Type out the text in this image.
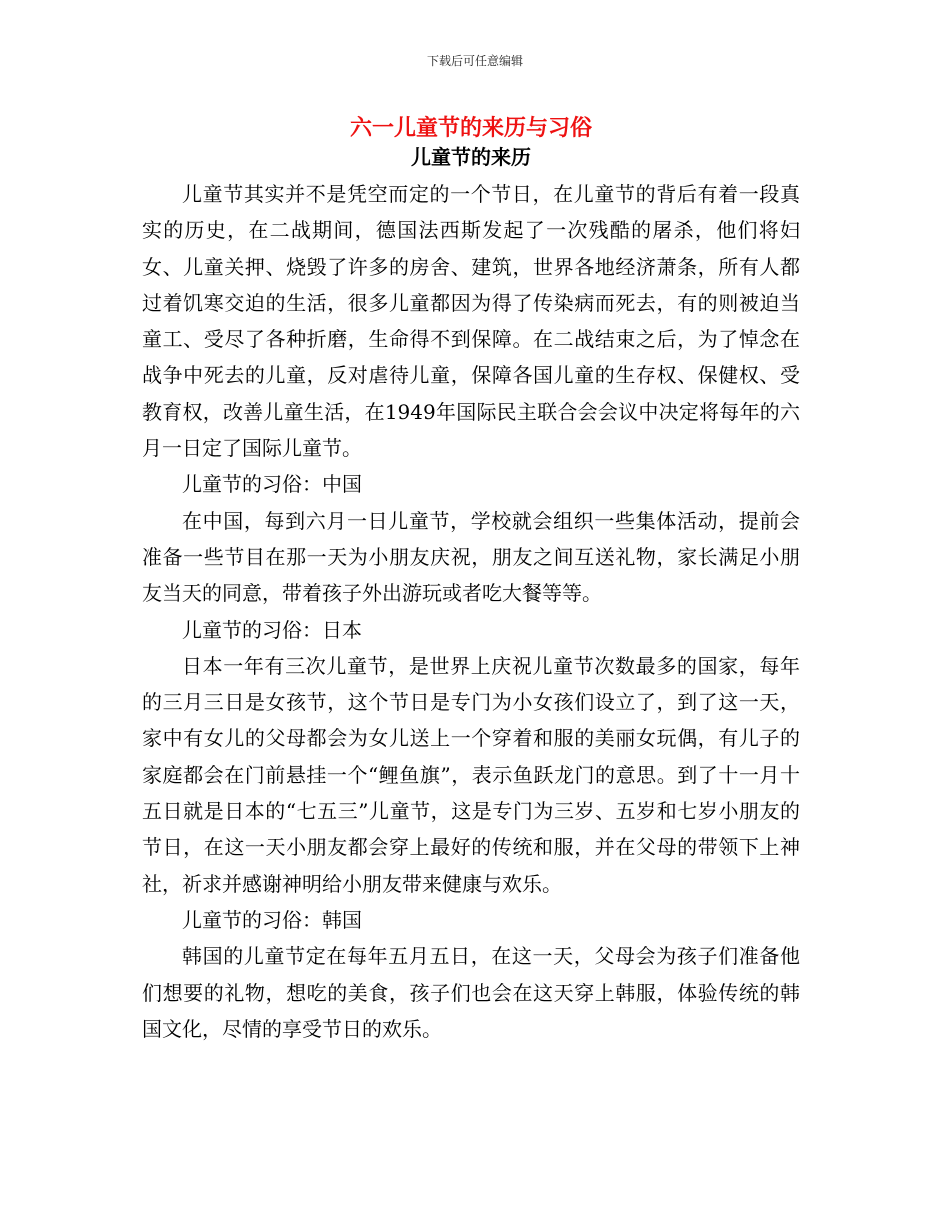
下载后可任意编辑
六一儿童节的来历与习俗
儿童节的来历

儿童节其实并不是凭空而定的一个节日，在儿童节的背后有着一段真实的历史，在二战期间，德国法西斯发起了一次残酷的屠杀，他们将妇女、儿童关押、烧毁了许多的房舍、建筑，世界各地经济萧条，所有人都过着饥寒交迫的生活，很多儿童都因为得了传染病而死去，有的则被迫当童工、受尽了各种折磨，生命得不到保障。在二战结束之后，为了悼念在战争中死去的儿童，反对虐待儿童，保障各国儿童的生存权、保健权、受教育权，改善儿童生活，在1949年国际民主联合会会议中决定将每年的六月一日定了国际儿童节。

儿童节的习俗：中国

在中国，每到六月一日儿童节，学校就会组织一些集体活动，提前会准备一些节目在那一天为小朋友庆祝，朋友之间互送礼物，家长满足小朋友当天的同意，带着孩子外出游玩或者吃大餐等等。

儿童节的习俗：日本

日本一年有三次儿童节，是世界上庆祝儿童节次数最多的国家，每年的三月三日是女孩节，这个节日是专门为小女孩们设立了，到了这一天，家中有女儿的父母都会为女儿送上一个穿着和服的美丽女玩偶，有儿子的家庭都会在门前悬挂一个“鲤鱼旗”，表示鱼跃龙门的意思。到了十一月十五日就是日本的“七五三”儿童节，这是专门为三岁、五岁和七岁小朋友的节日，在这一天小朋友都会穿上最好的传统和服，并在父母的带领下上神社，祈求并感谢神明给小朋友带来健康与欢乐。

儿童节的习俗：韩国

韩国的儿童节定在每年五月五日，在这一天，父母会为孩子们准备他们想要的礼物，想吃的美食，孩子们也会在这天穿上韩服，体验传统的韩国文化，尽情的享受节日的欢乐。
